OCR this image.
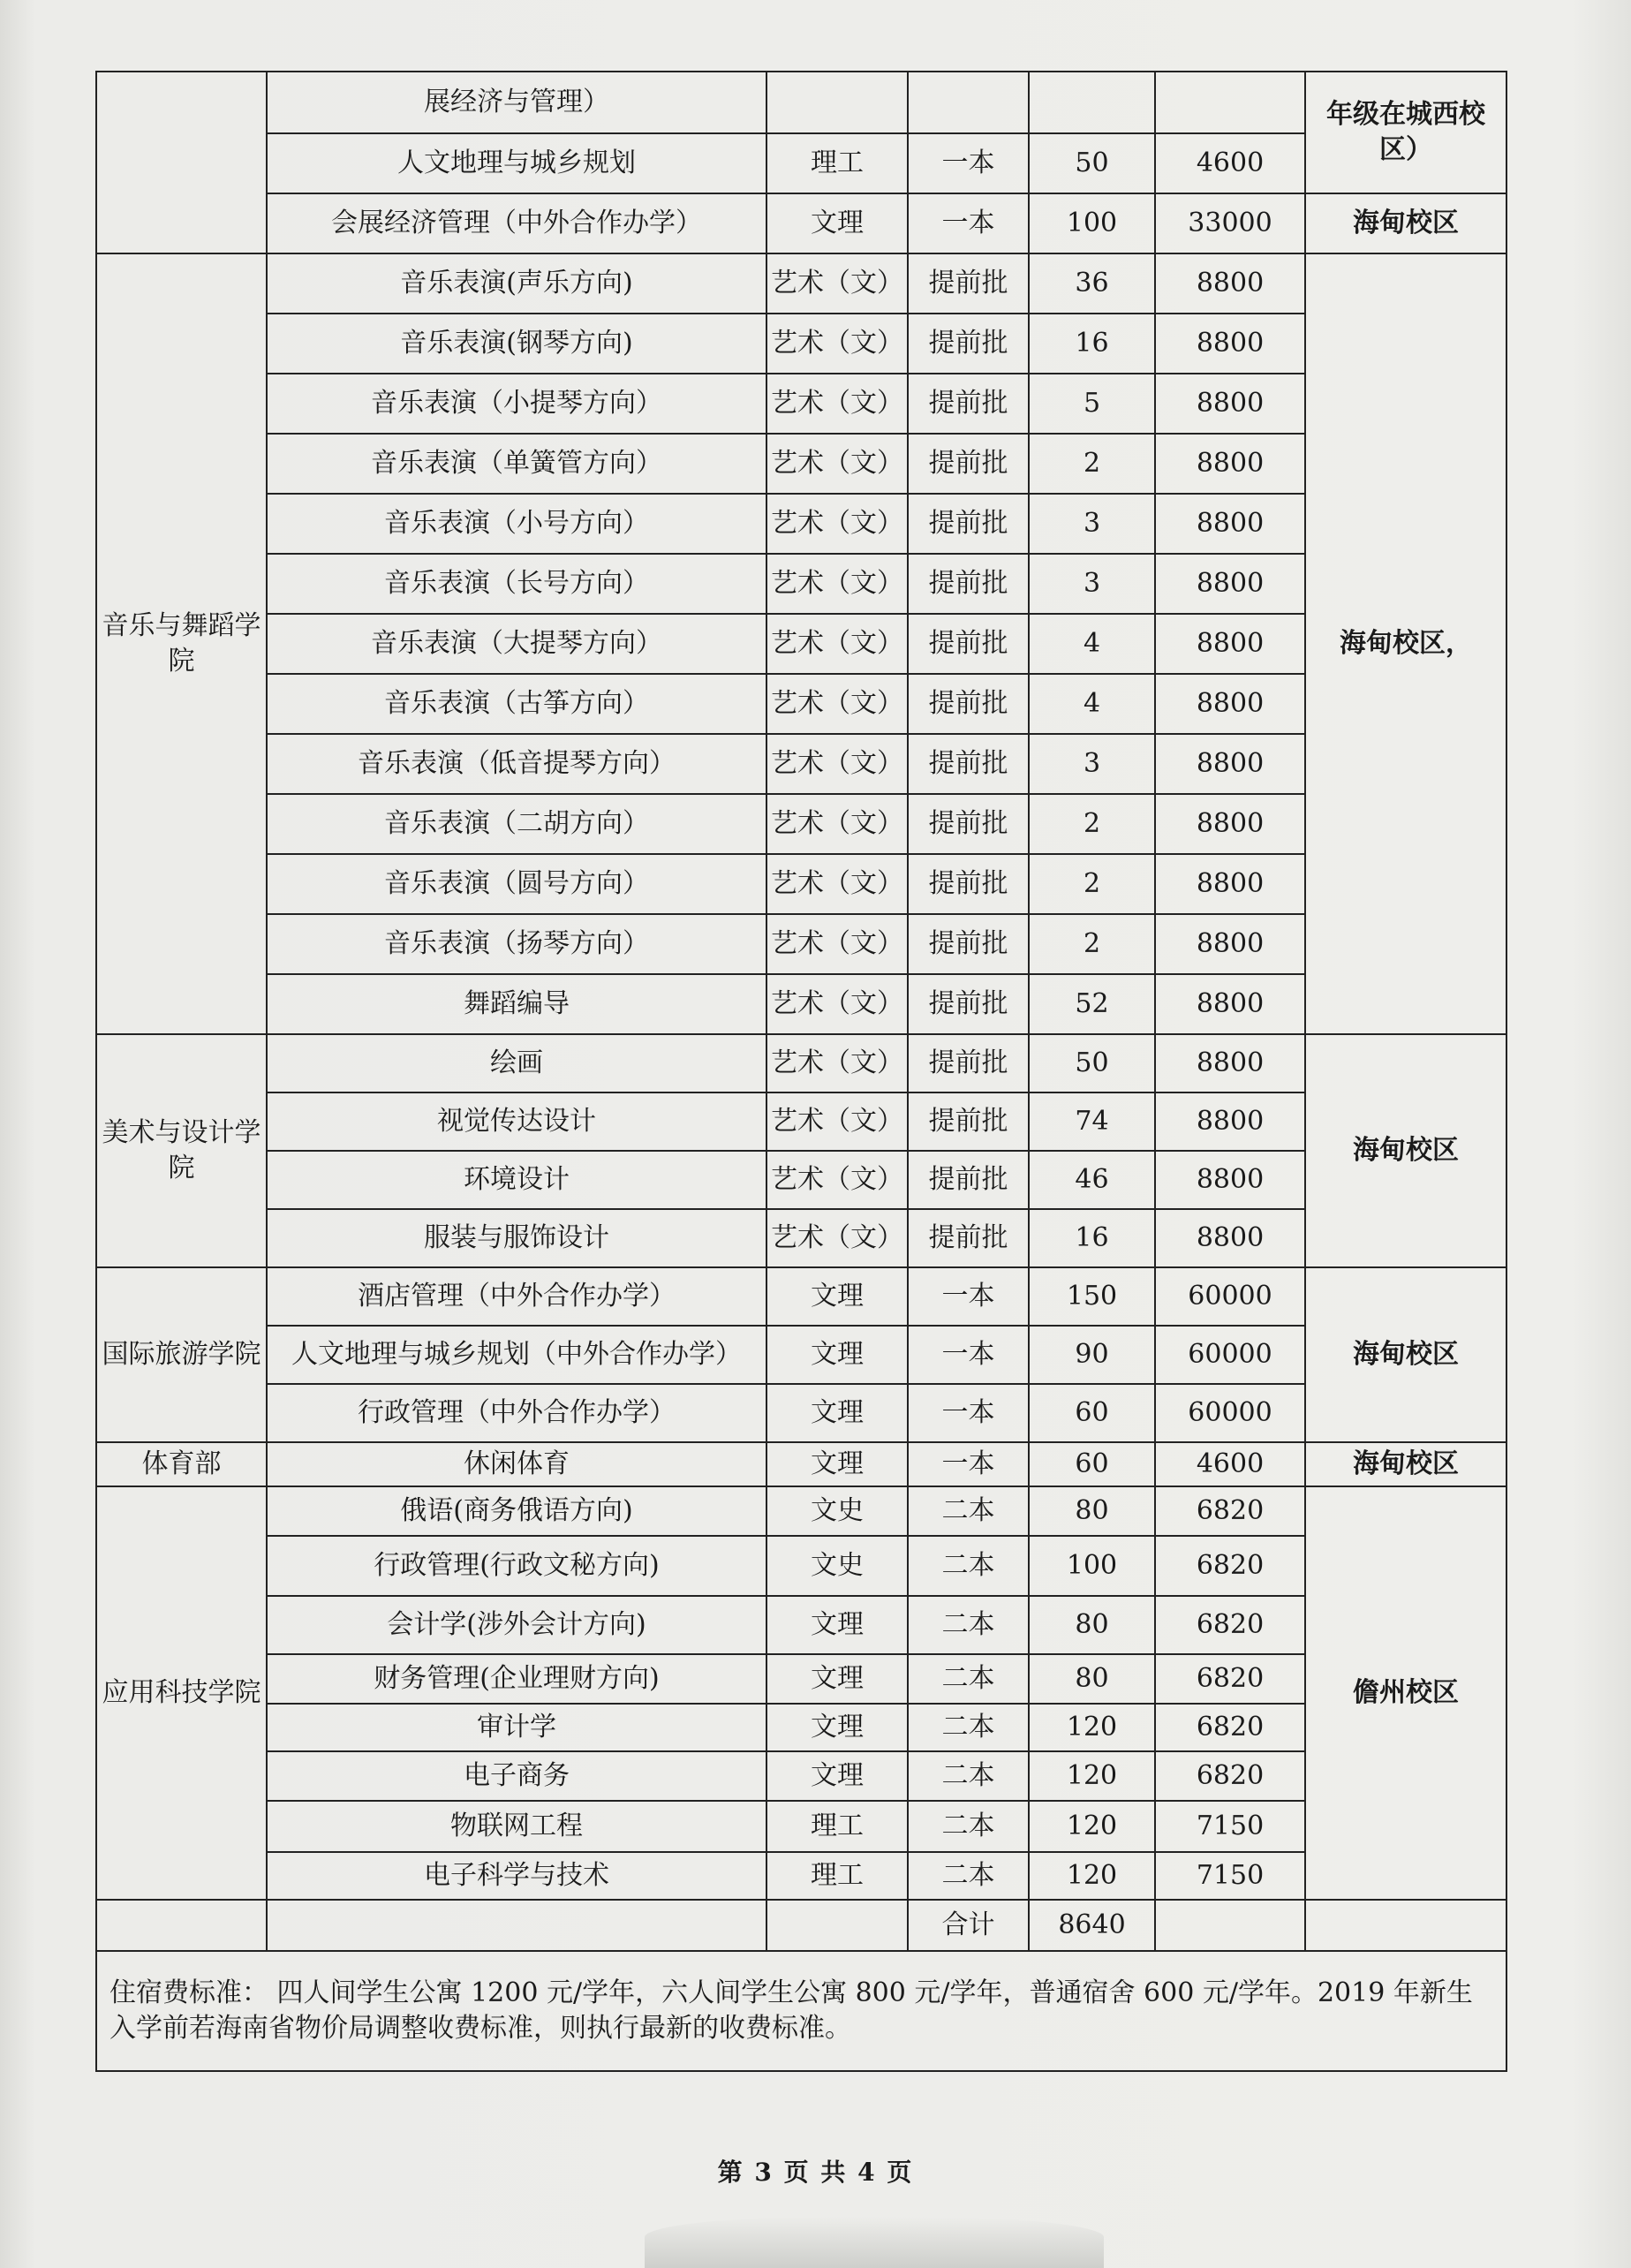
	展经济与管理）					年级在城西校区）
	人文地理与城乡规划	理工	一本	50	4600	
	会展经济管理（中外合作办学）	文理	一本	100	33000	海甸校区
音乐与舞蹈学院	音乐表演(声乐方向)	艺术（文）	提前批	36	8800	海甸校区，
	音乐表演(钢琴方向)	艺术（文）	提前批	16	8800	
	音乐表演（小提琴方向）	艺术（文）	提前批	5	8800	
	音乐表演（单簧管方向）	艺术（文）	提前批	2	8800	
	音乐表演（小号方向）	艺术（文）	提前批	3	8800	
	音乐表演（长号方向）	艺术（文）	提前批	3	8800	
	音乐表演（大提琴方向）	艺术（文）	提前批	4	8800	
	音乐表演（古筝方向）	艺术（文）	提前批	4	8800	
	音乐表演（低音提琴方向）	艺术（文）	提前批	3	8800	
	音乐表演（二胡方向）	艺术（文）	提前批	2	8800	
	音乐表演（圆号方向）	艺术（文）	提前批	2	8800	
	音乐表演（扬琴方向）	艺术（文）	提前批	2	8800	
	舞蹈编导	艺术（文）	提前批	52	8800	
美术与设计学院	绘画	艺术（文）	提前批	50	8800	海甸校区
	视觉传达设计	艺术（文）	提前批	74	8800	
	环境设计	艺术（文）	提前批	46	8800	
	服装与服饰设计	艺术（文）	提前批	16	8800	
国际旅游学院	酒店管理（中外合作办学）	文理	一本	150	60000	海甸校区
	人文地理与城乡规划（中外合作办学）	文理	一本	90	60000	
	行政管理（中外合作办学）	文理	一本	60	60000	
体育部	休闲体育	文理	一本	60	4600	海甸校区
应用科技学院	俄语(商务俄语方向)	文史	二本	80	6820	儋州校区
	行政管理(行政文秘方向)	文史	二本	100	6820	
	会计学(涉外会计方向)	文理	二本	80	6820	
	财务管理(企业理财方向)	文理	二本	80	6820	
	审计学	文理	二本	120	6820	
	电子商务	文理	二本	120	6820	
	物联网工程	理工	二本	120	7150	
	电子科学与技术	理工	二本	120	7150	
			合计	8640		
住宿费标准： 四人间学生公寓 1200 元/学年，六人间学生公寓 800 元/学年，普通宿舍 600 元/学年。2019 年新生入学前若海南省物价局调整收费标准，则执行最新的收费标准。						
第 3 页 共 4 页
